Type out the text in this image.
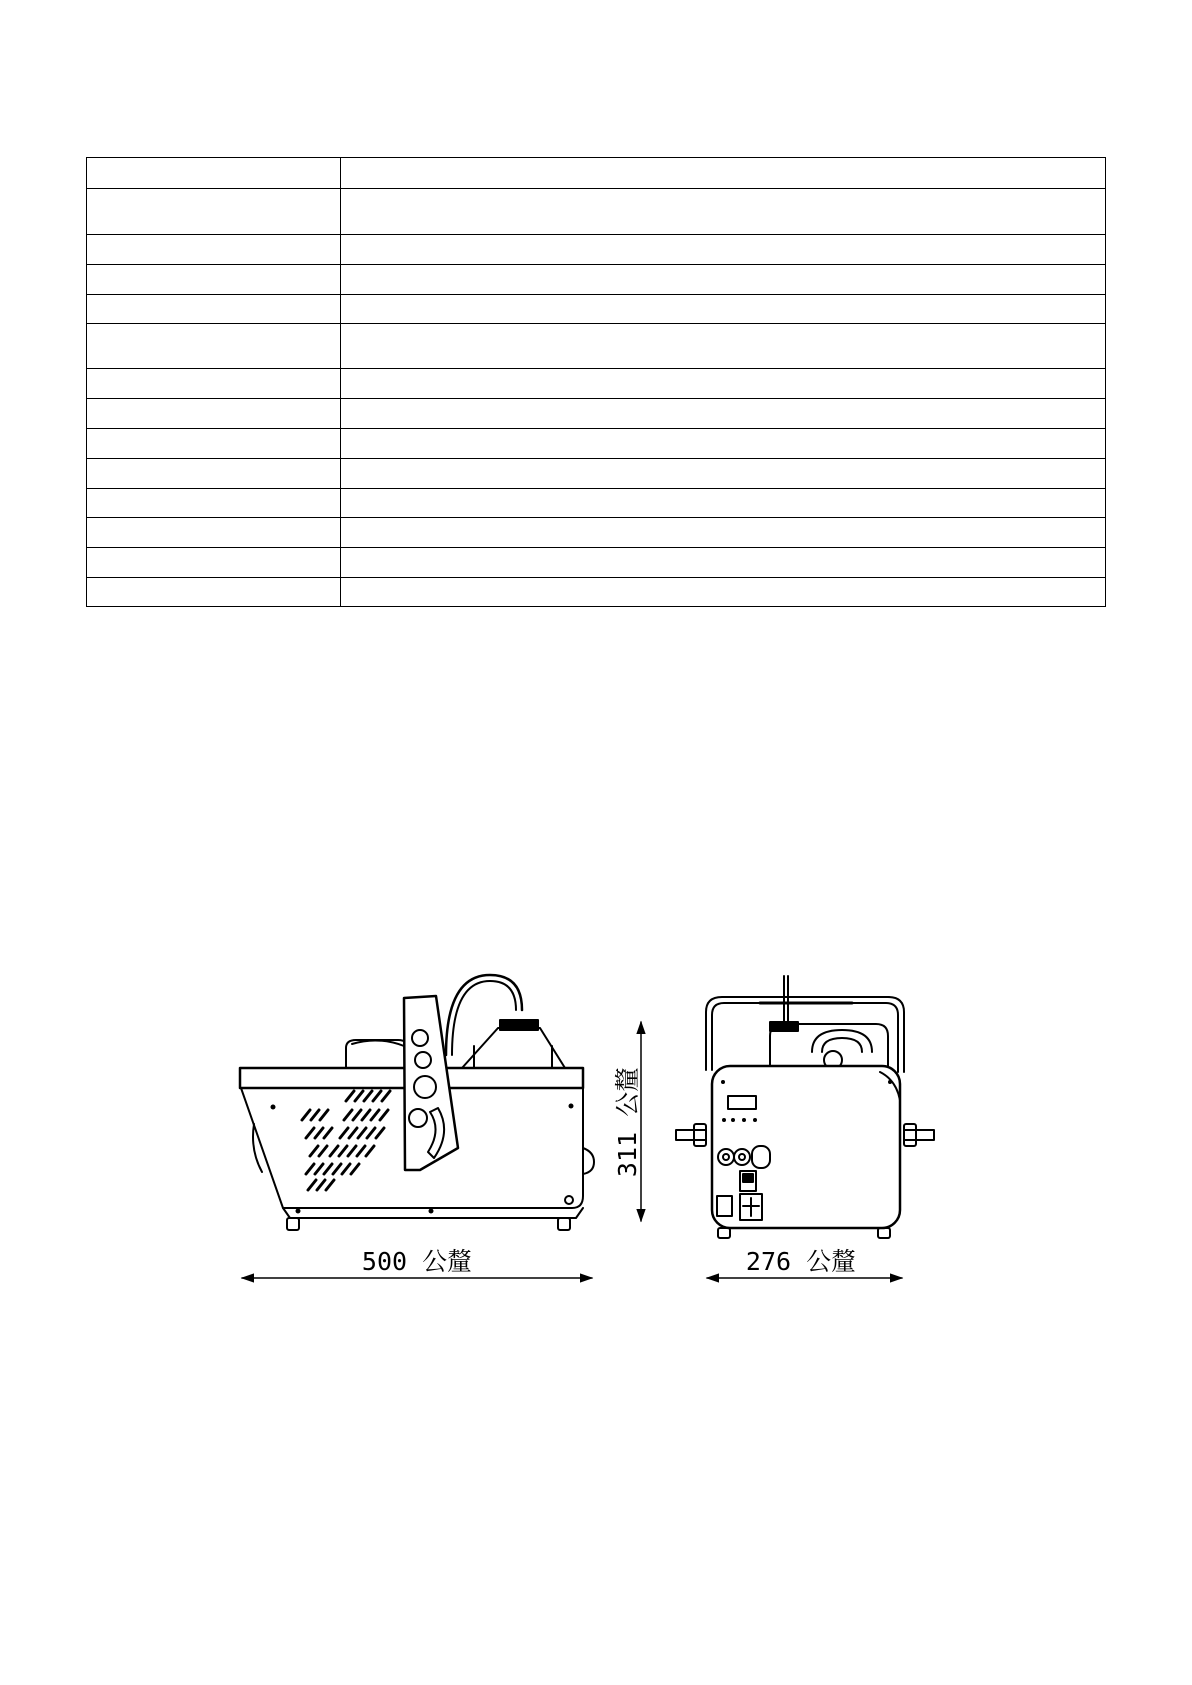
500 公釐
311 公釐
276 公釐
